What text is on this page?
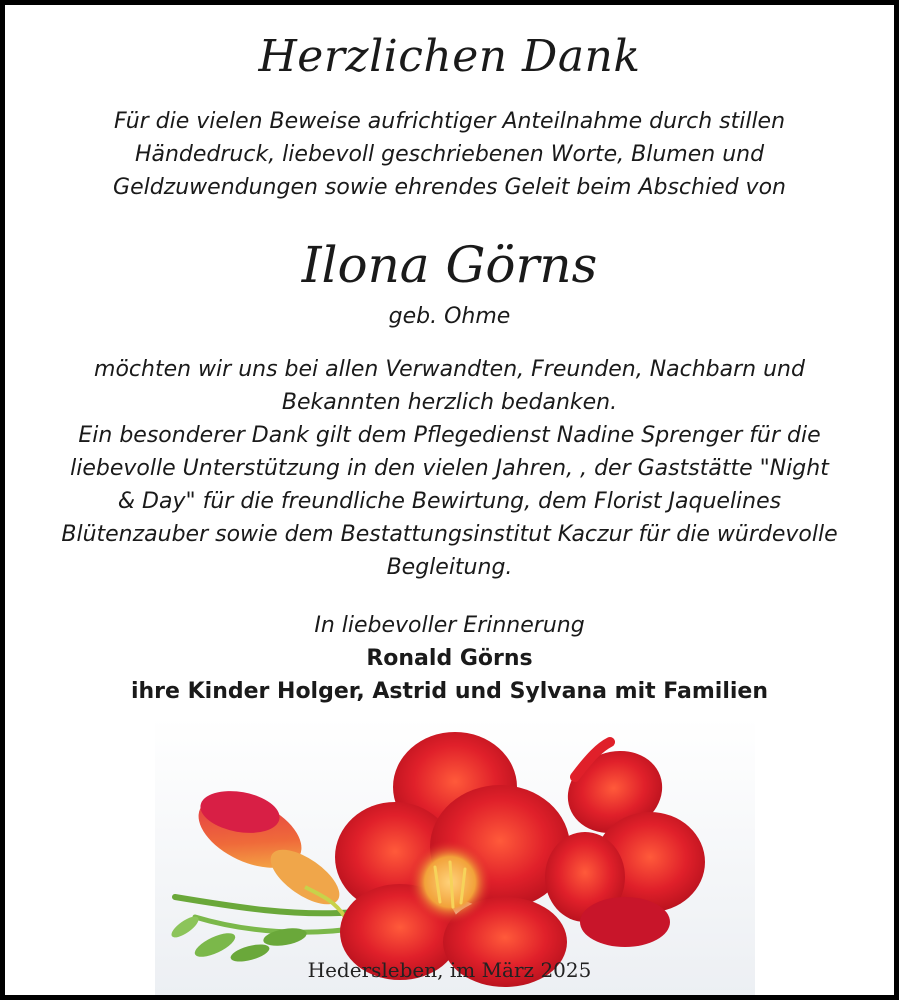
Herzlichen Dank
Für die vielen Beweise aufrichtiger Anteilnahme durch stillen
Händedruck, liebevoll geschriebenen Worte, Blumen und
Geldzuwendungen sowie ehrendes Geleit beim Abschied von
Ilona Görns
geb. Ohme
möchten wir uns bei allen Verwandten, Freunden, Nachbarn und
Bekannten herzlich bedanken.
Ein besonderer Dank gilt dem Pflegedienst Nadine Sprenger für die
liebevolle Unterstützung in den vielen Jahren, , der Gaststätte "Night
& Day" für die freundliche Bewirtung, dem Florist Jaquelines
Blütenzauber sowie dem Bestattungsinstitut Kaczur für die würdevolle
Begleitung.
In liebevoller Erinnerung
Ronald Görns
ihre Kinder Holger, Astrid und Sylvana mit Familien
Hedersleben, im März 2025
